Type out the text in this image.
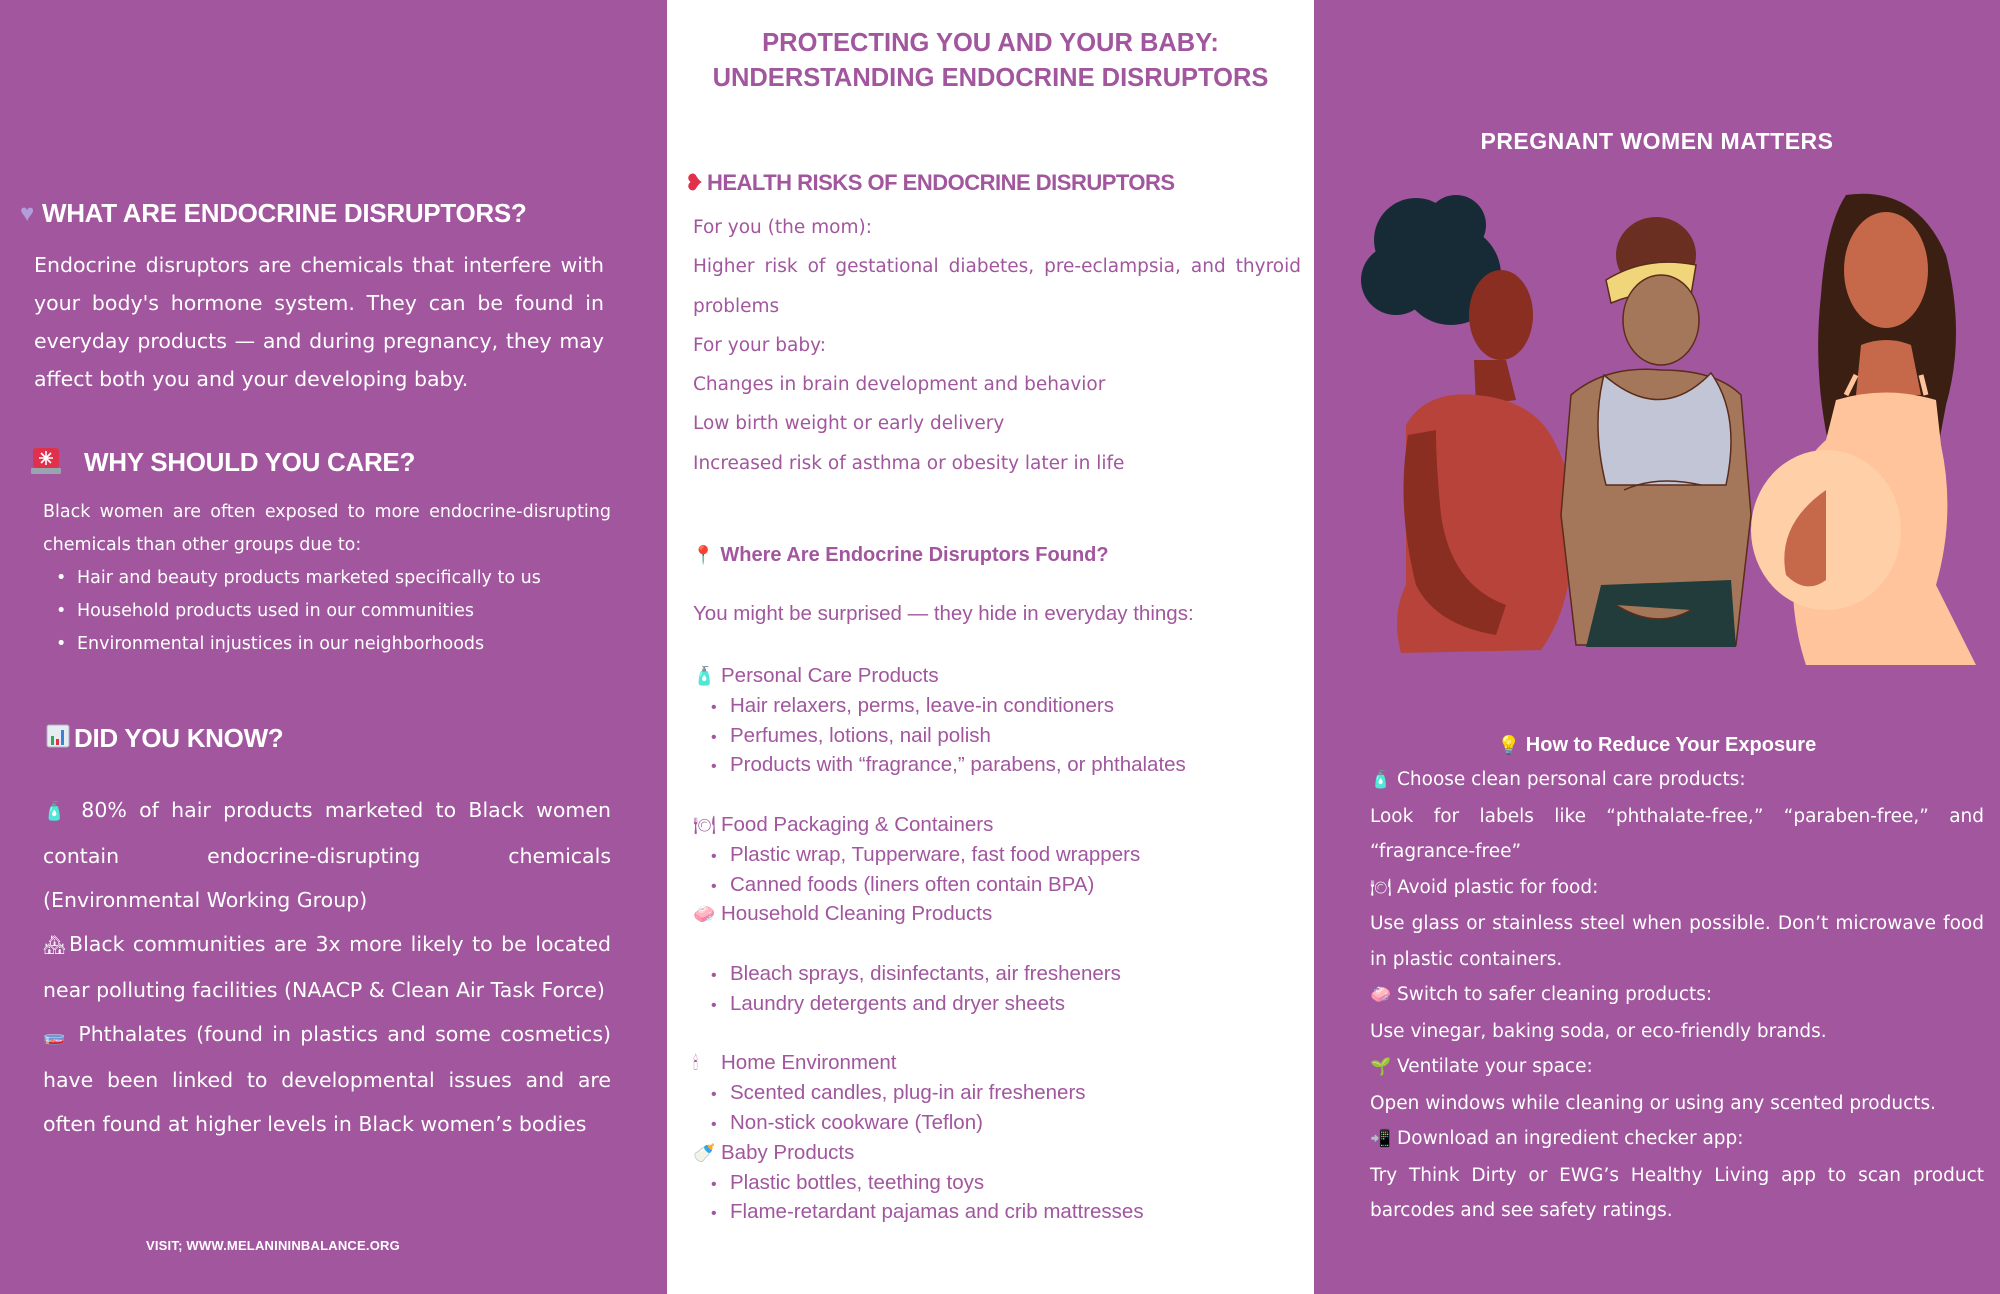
♥ WHAT ARE ENDOCRINE DISRUPTORS?

Endocrine disruptors are chemicals that interfere with your body's hormone system. They can be found in everyday products — and during pregnancy, they may affect both you and your developing baby.

WHY SHOULD YOU CARE?

Black women are often exposed to more endocrine-disrupting chemicals than other groups due to:

• Hair and beauty products marketed specifically to us
• Household products used in our communities
• Environmental injustices in our neighborhoods
DID YOU KNOW?
🧴 80% of hair products marketed to Black women contain endocrine-disrupting chemicals (Environmental Working Group)
🏘 Black communities are 3x more likely to be located near polluting facilities (NAACP & Clean Air Task Force)
🧫 Phthalates (found in plastics and some cosmetics) have been linked to developmental issues and are often found at higher levels in Black women’s bodies
VISIT; WWW.MELANININBALANCE.ORG
PROTECTING YOU AND YOUR BABY:
UNDERSTANDING ENDOCRINE DISRUPTORS
❥ HEALTH RISKS OF ENDOCRINE DISRUPTORS
For you (the mom):
Higher risk of gestational diabetes, pre-eclampsia, and thyroid problems
For your baby:
Changes in brain development and behavior
Low birth weight or early delivery
Increased risk of asthma or obesity later in life
📍 Where Are Endocrine Disruptors Found?

You might be surprised — they hide in everyday things:

🧴 Personal Care Products
• Hair relaxers, perms, leave-in conditioners
• Perfumes, lotions, nail polish
• Products with “fragrance,” parabens, or phthalates
🍽 Food Packaging & Containers
• Plastic wrap, Tupperware, fast food wrappers
• Canned foods (liners often contain BPA)
🧼 Household Cleaning Products
• Bleach sprays, disinfectants, air fresheners
• Laundry detergents and dryer sheets
🕯 Home Environment
• Scented candles, plug-in air fresheners
• Non-stick cookware (Teflon)
🍼 Baby Products
• Plastic bottles, teething toys
• Flame-retardant pajamas and crib mattresses
PREGNANT WOMEN MATTERS
💡 How to Reduce Your Exposure
🧴 Choose clean personal care products:
Look for labels like “phthalate-free,” “paraben-free,” and “fragrance-free”
🍽 Avoid plastic for food:
Use glass or stainless steel when possible. Don’t microwave food in plastic containers.
🧼 Switch to safer cleaning products:
Use vinegar, baking soda, or eco-friendly brands.
🌱 Ventilate your space:
Open windows while cleaning or using any scented products.
📲 Download an ingredient checker app:
Try Think Dirty or EWG’s Healthy Living app to scan product barcodes and see safety ratings.
